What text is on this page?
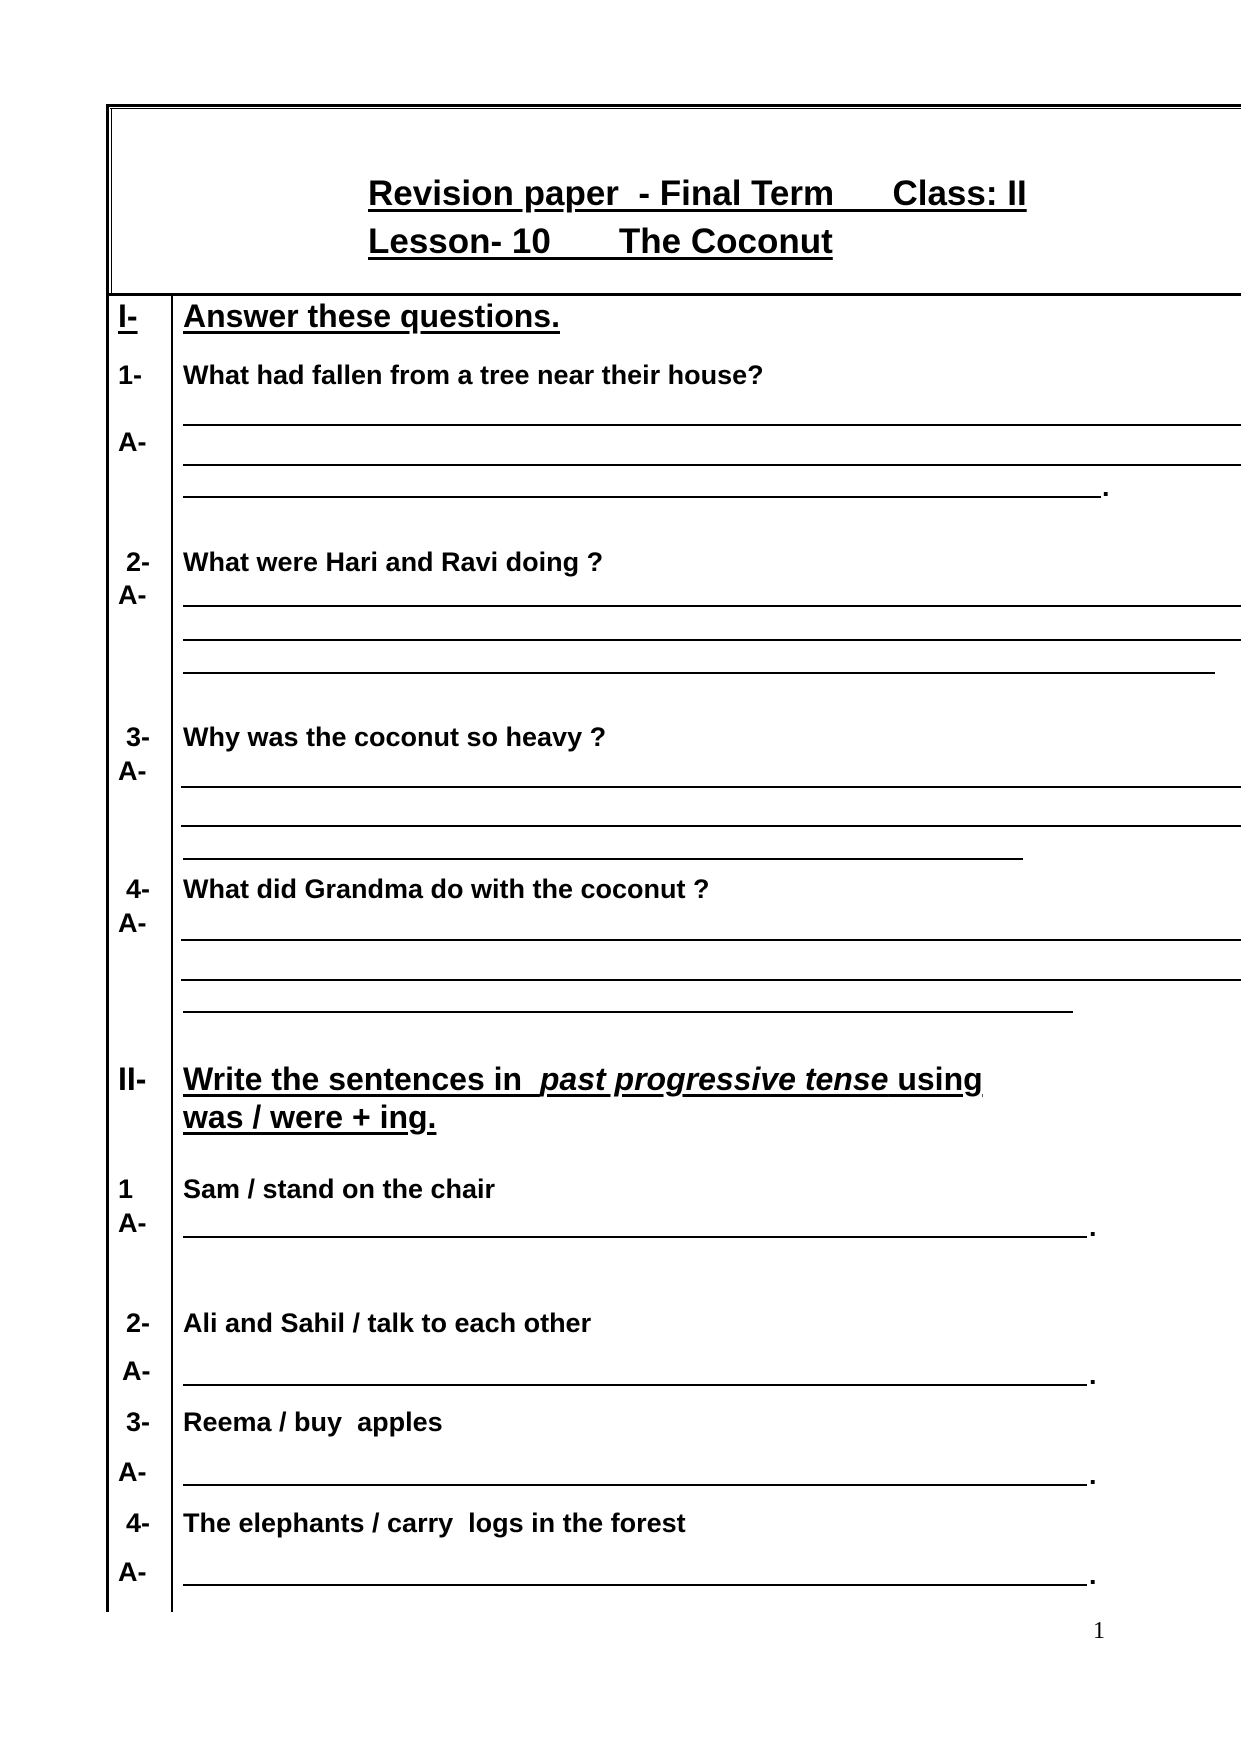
Revision paper  - Final Term      Class: II
Lesson- 10       The Coconut
I- Answer these questions.
1- What had fallen from a tree near their house?
A-
.
2- What were Hari and Ravi doing ?
A-
3- Why was the coconut so heavy ?
A-
4- What did Grandma do with the coconut ?
A-
II- Write the sentences in  past progressive tense using
was / were + ing.
1 Sam / stand on the chair
A-	.
2- Ali and Sahil / talk to each other
A-	.
3- Reema / buy  apples
A-	.
4- The elephants / carry  logs in the forest
A-	.
1
